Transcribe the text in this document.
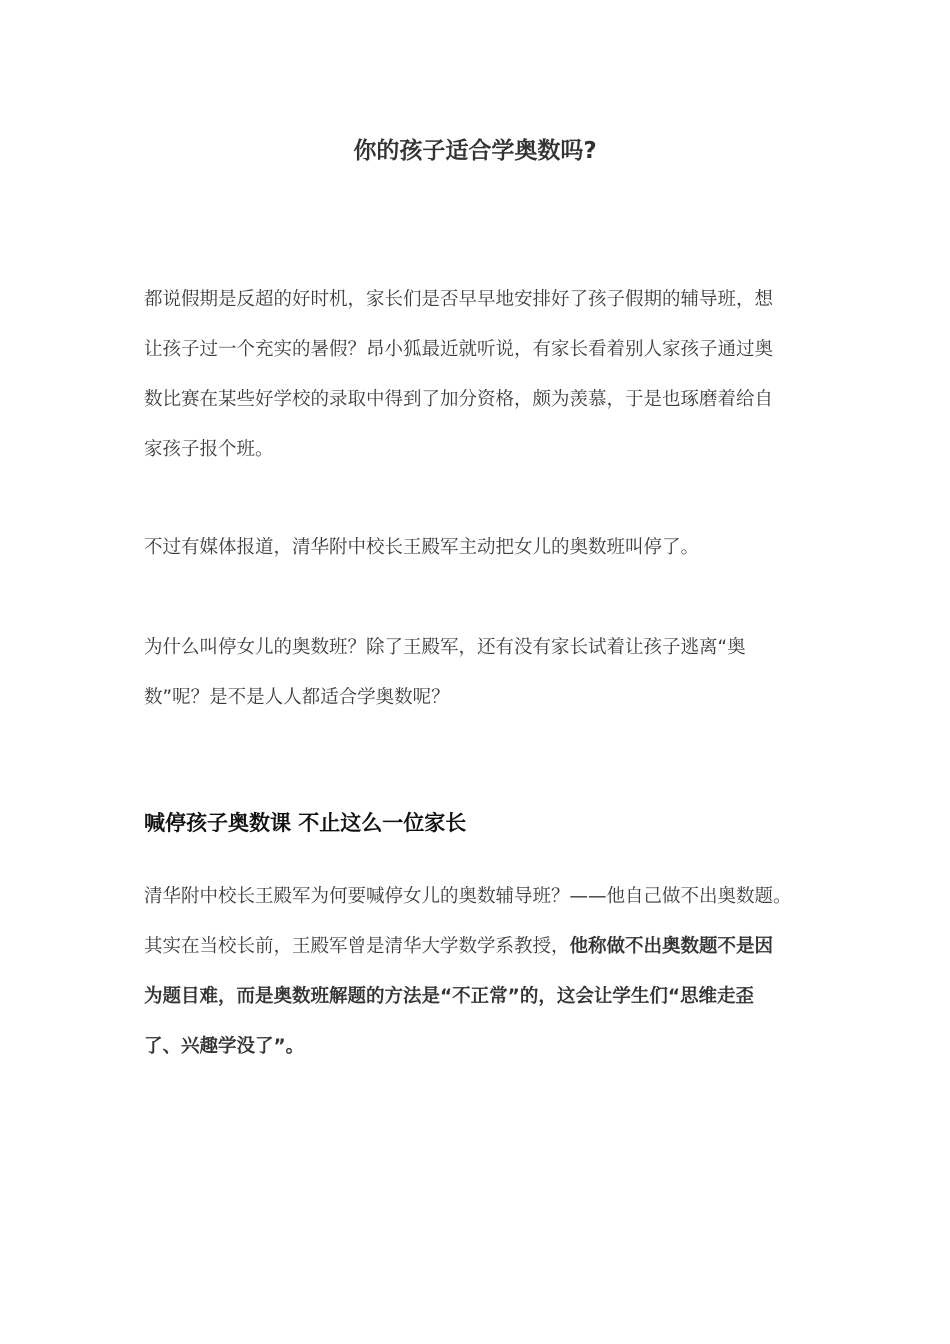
你的孩子适合学奥数吗?

都说假期是反超的好时机，家长们是否早早地安排好了孩子假期的辅导班，想
让孩子过一个充实的暑假？昂小狐最近就听说，有家长看着别人家孩子通过奥
数比赛在某些好学校的录取中得到了加分资格，颇为羡慕，于是也琢磨着给自
家孩子报个班。

不过有媒体报道，清华附中校长王殿军主动把女儿的奥数班叫停了。

为什么叫停女儿的奥数班？除了王殿军，还有没有家长试着让孩子逃离“奥
数”呢？是不是人人都适合学奥数呢？

喊停孩子奥数课 不止这么一位家长

清华附中校长王殿军为何要喊停女儿的奥数辅导班？——他自己做不出奥数题。
其实在当校长前，王殿军曾是清华大学数学系教授，他称做不出奥数题不是因
为题目难，而是奥数班解题的方法是“不正常”的，这会让学生们“思维走歪
了、兴趣学没了”。
